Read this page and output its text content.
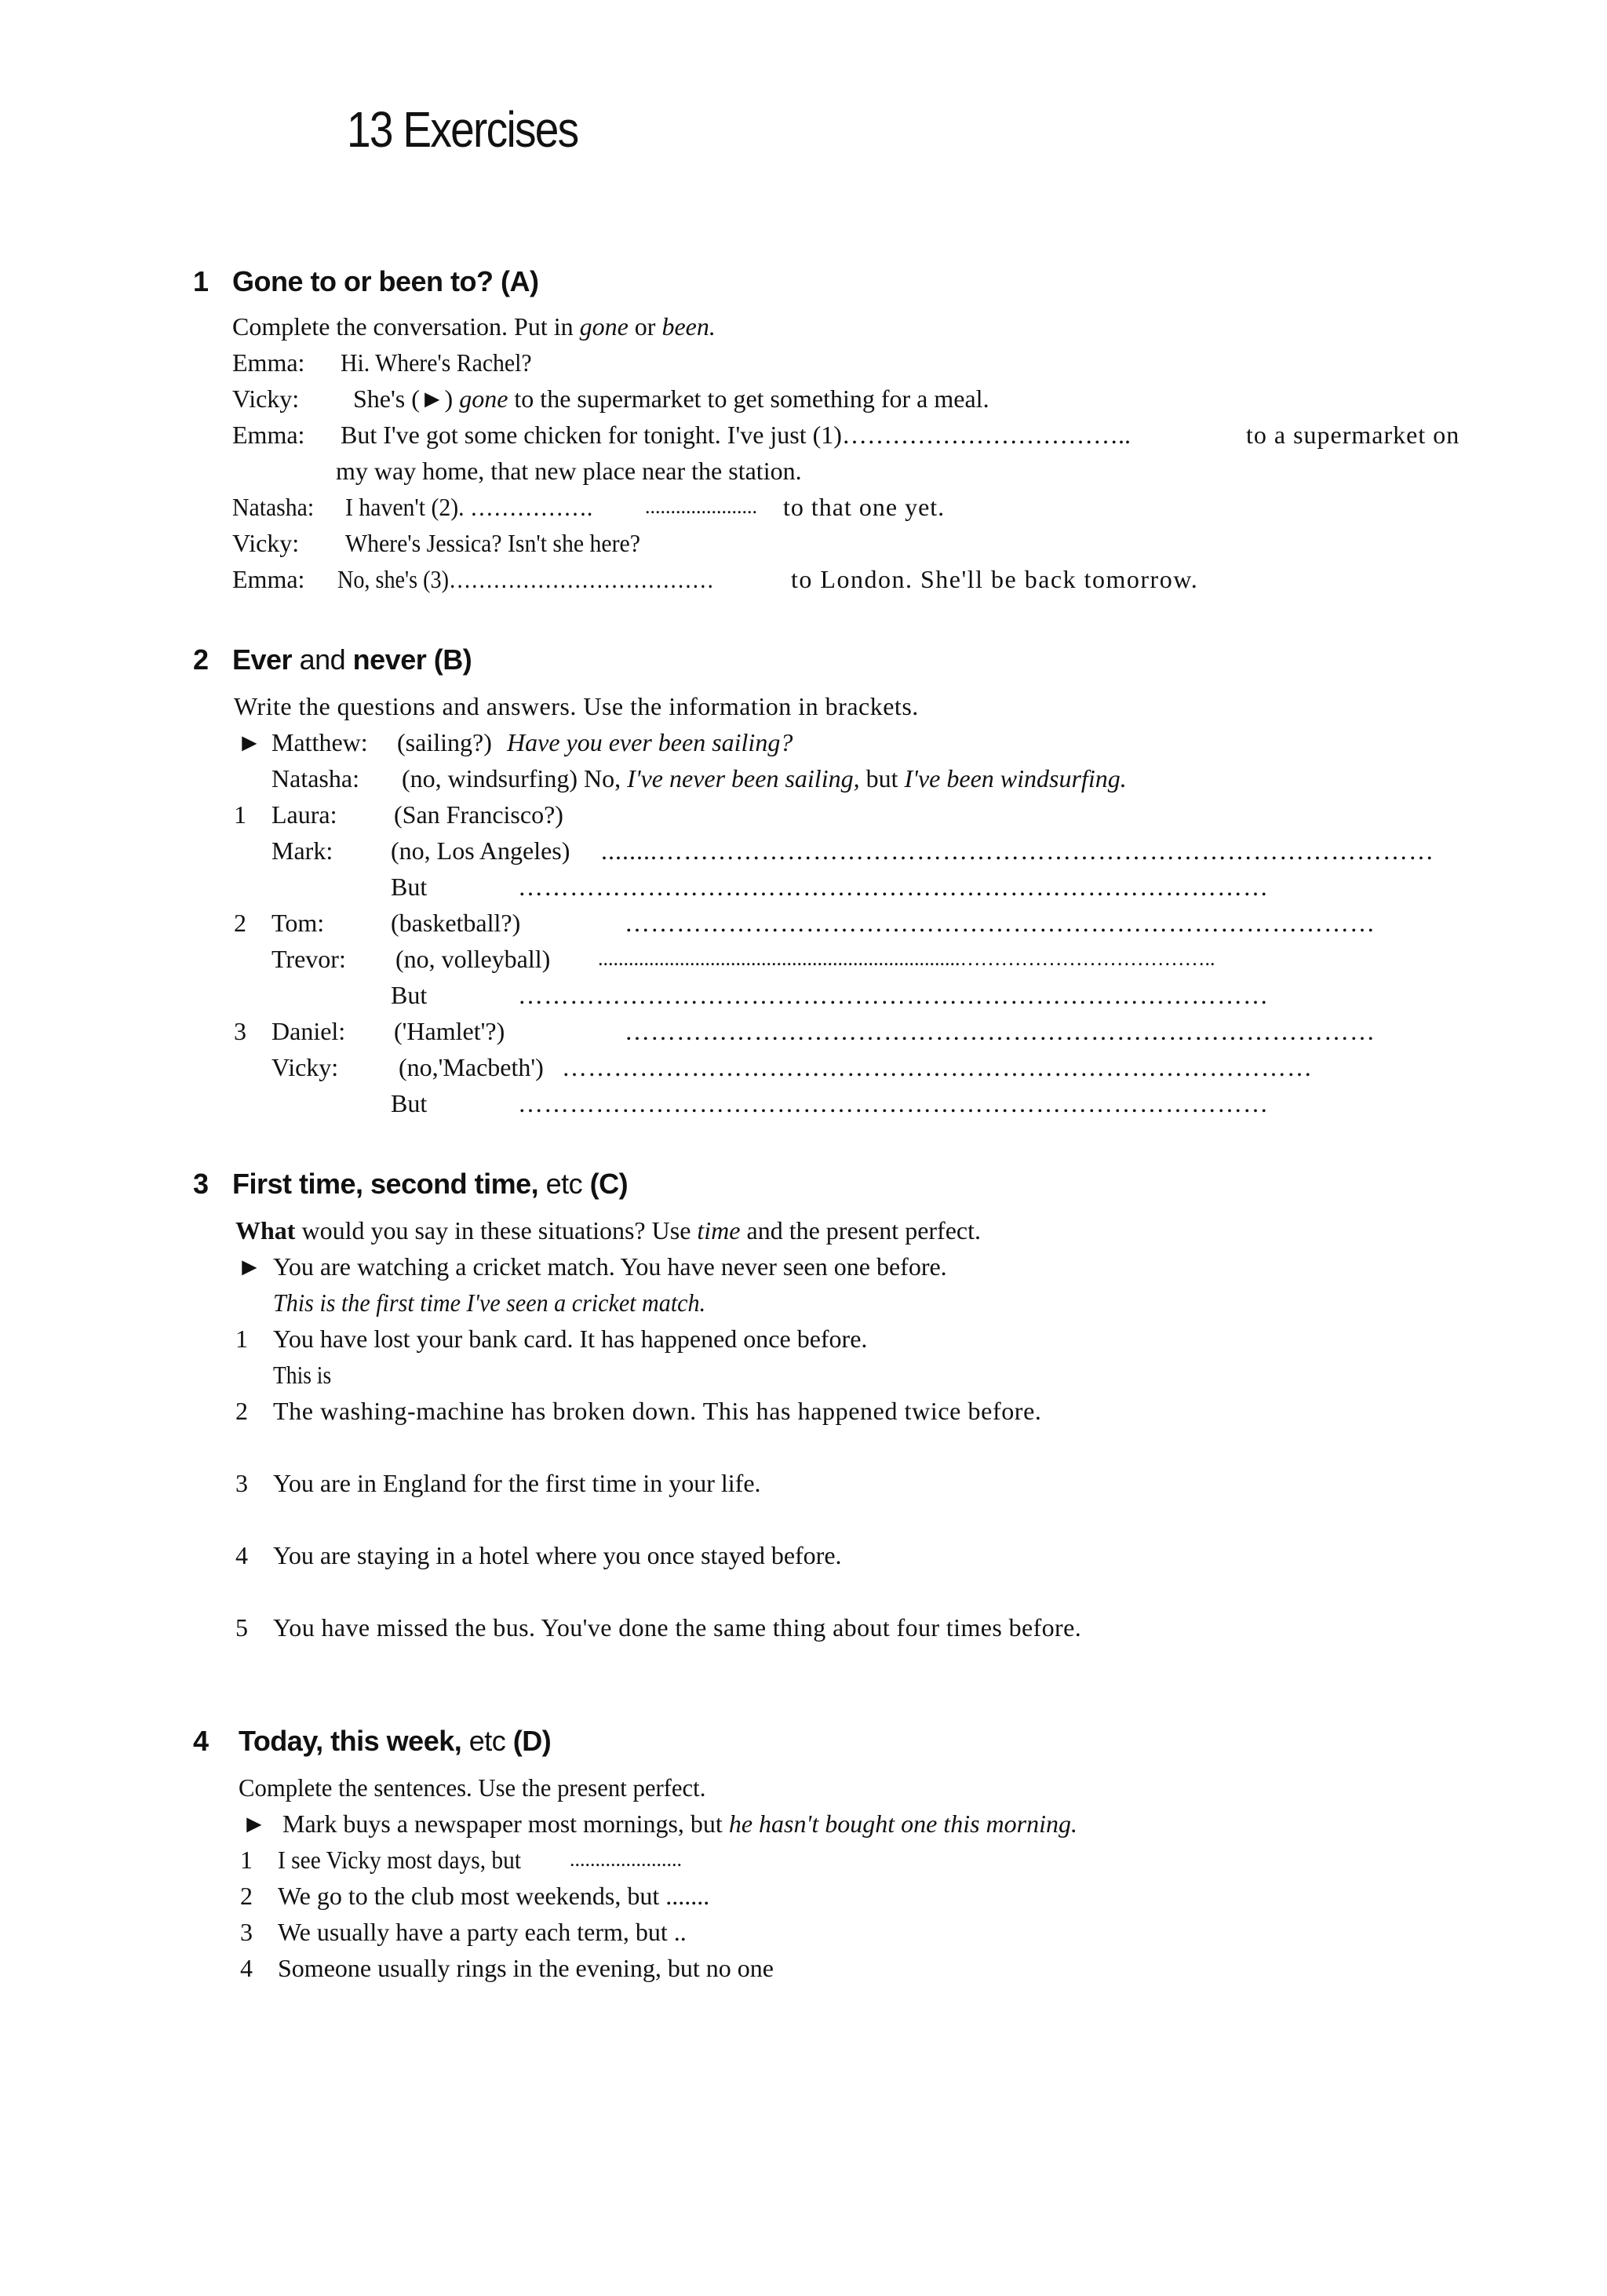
13 Exercises
1 Gone to or been to? (A)
Complete the conversation. Put in gone or been.
Emma: Hi. Where's Rachel?
Vicky: She's (►) gone to the supermarket to get something for a meal.
Emma: But I've got some chicken for tonight. I've just (1)……………………………..	to a supermarket on
my way home, that new place near the station.
Natasha: I haven't (2). …………….	...................... to that one yet.
Vicky: Where's Jessica? Isn't she here?
Emma: No, she's (3)………………………………	to London. She'll be back tomorrow.
2 Ever and never (B)
Write the questions and answers. Use the information in brackets.
► Matthew: (sailing?) Have you ever been sailing?
Natasha: (no, windsurfing) No, I've never been sailing, but I've been windsurfing.
1 Laura: (San Francisco?)
Mark: (no, Los Angeles) ........………………………………………………………………………………
But	……………………………………………………………………………
2 Tom:	(basketball?)	……………………………………………………………………………
Trevor: (no, volleyball) .......................................................................………………………………..
But	……………………………………………………………………………
3 Daniel: ('Hamlet'?)	……………………………………………………………………………
Vicky: (no,'Macbeth') ……………………………………………………………………………
But	……………………………………………………………………………
3 First time, second time, etc (C)
What would you say in these situations? Use time and the present perfect.
► You are watching a cricket match. You have never seen one before.
This is the first time I've seen a cricket match.
1 You have lost your bank card. It has happened once before.
This is
2 The washing-machine has broken down. This has happened twice before.
3 You are in England for the first time in your life.
4 You are staying in a hotel where you once stayed before.
5 You have missed the bus. You've done the same thing about four times before.
4 Today, this week, etc (D)
Complete the sentences. Use the present perfect.
► Mark buys a newspaper most mornings, but he hasn't bought one this morning.
1 I see Vicky most days, but ......................
2 We go to the club most weekends, but .......
3 We usually have a party each term, but ..
4 Someone usually rings in the evening, but no one
